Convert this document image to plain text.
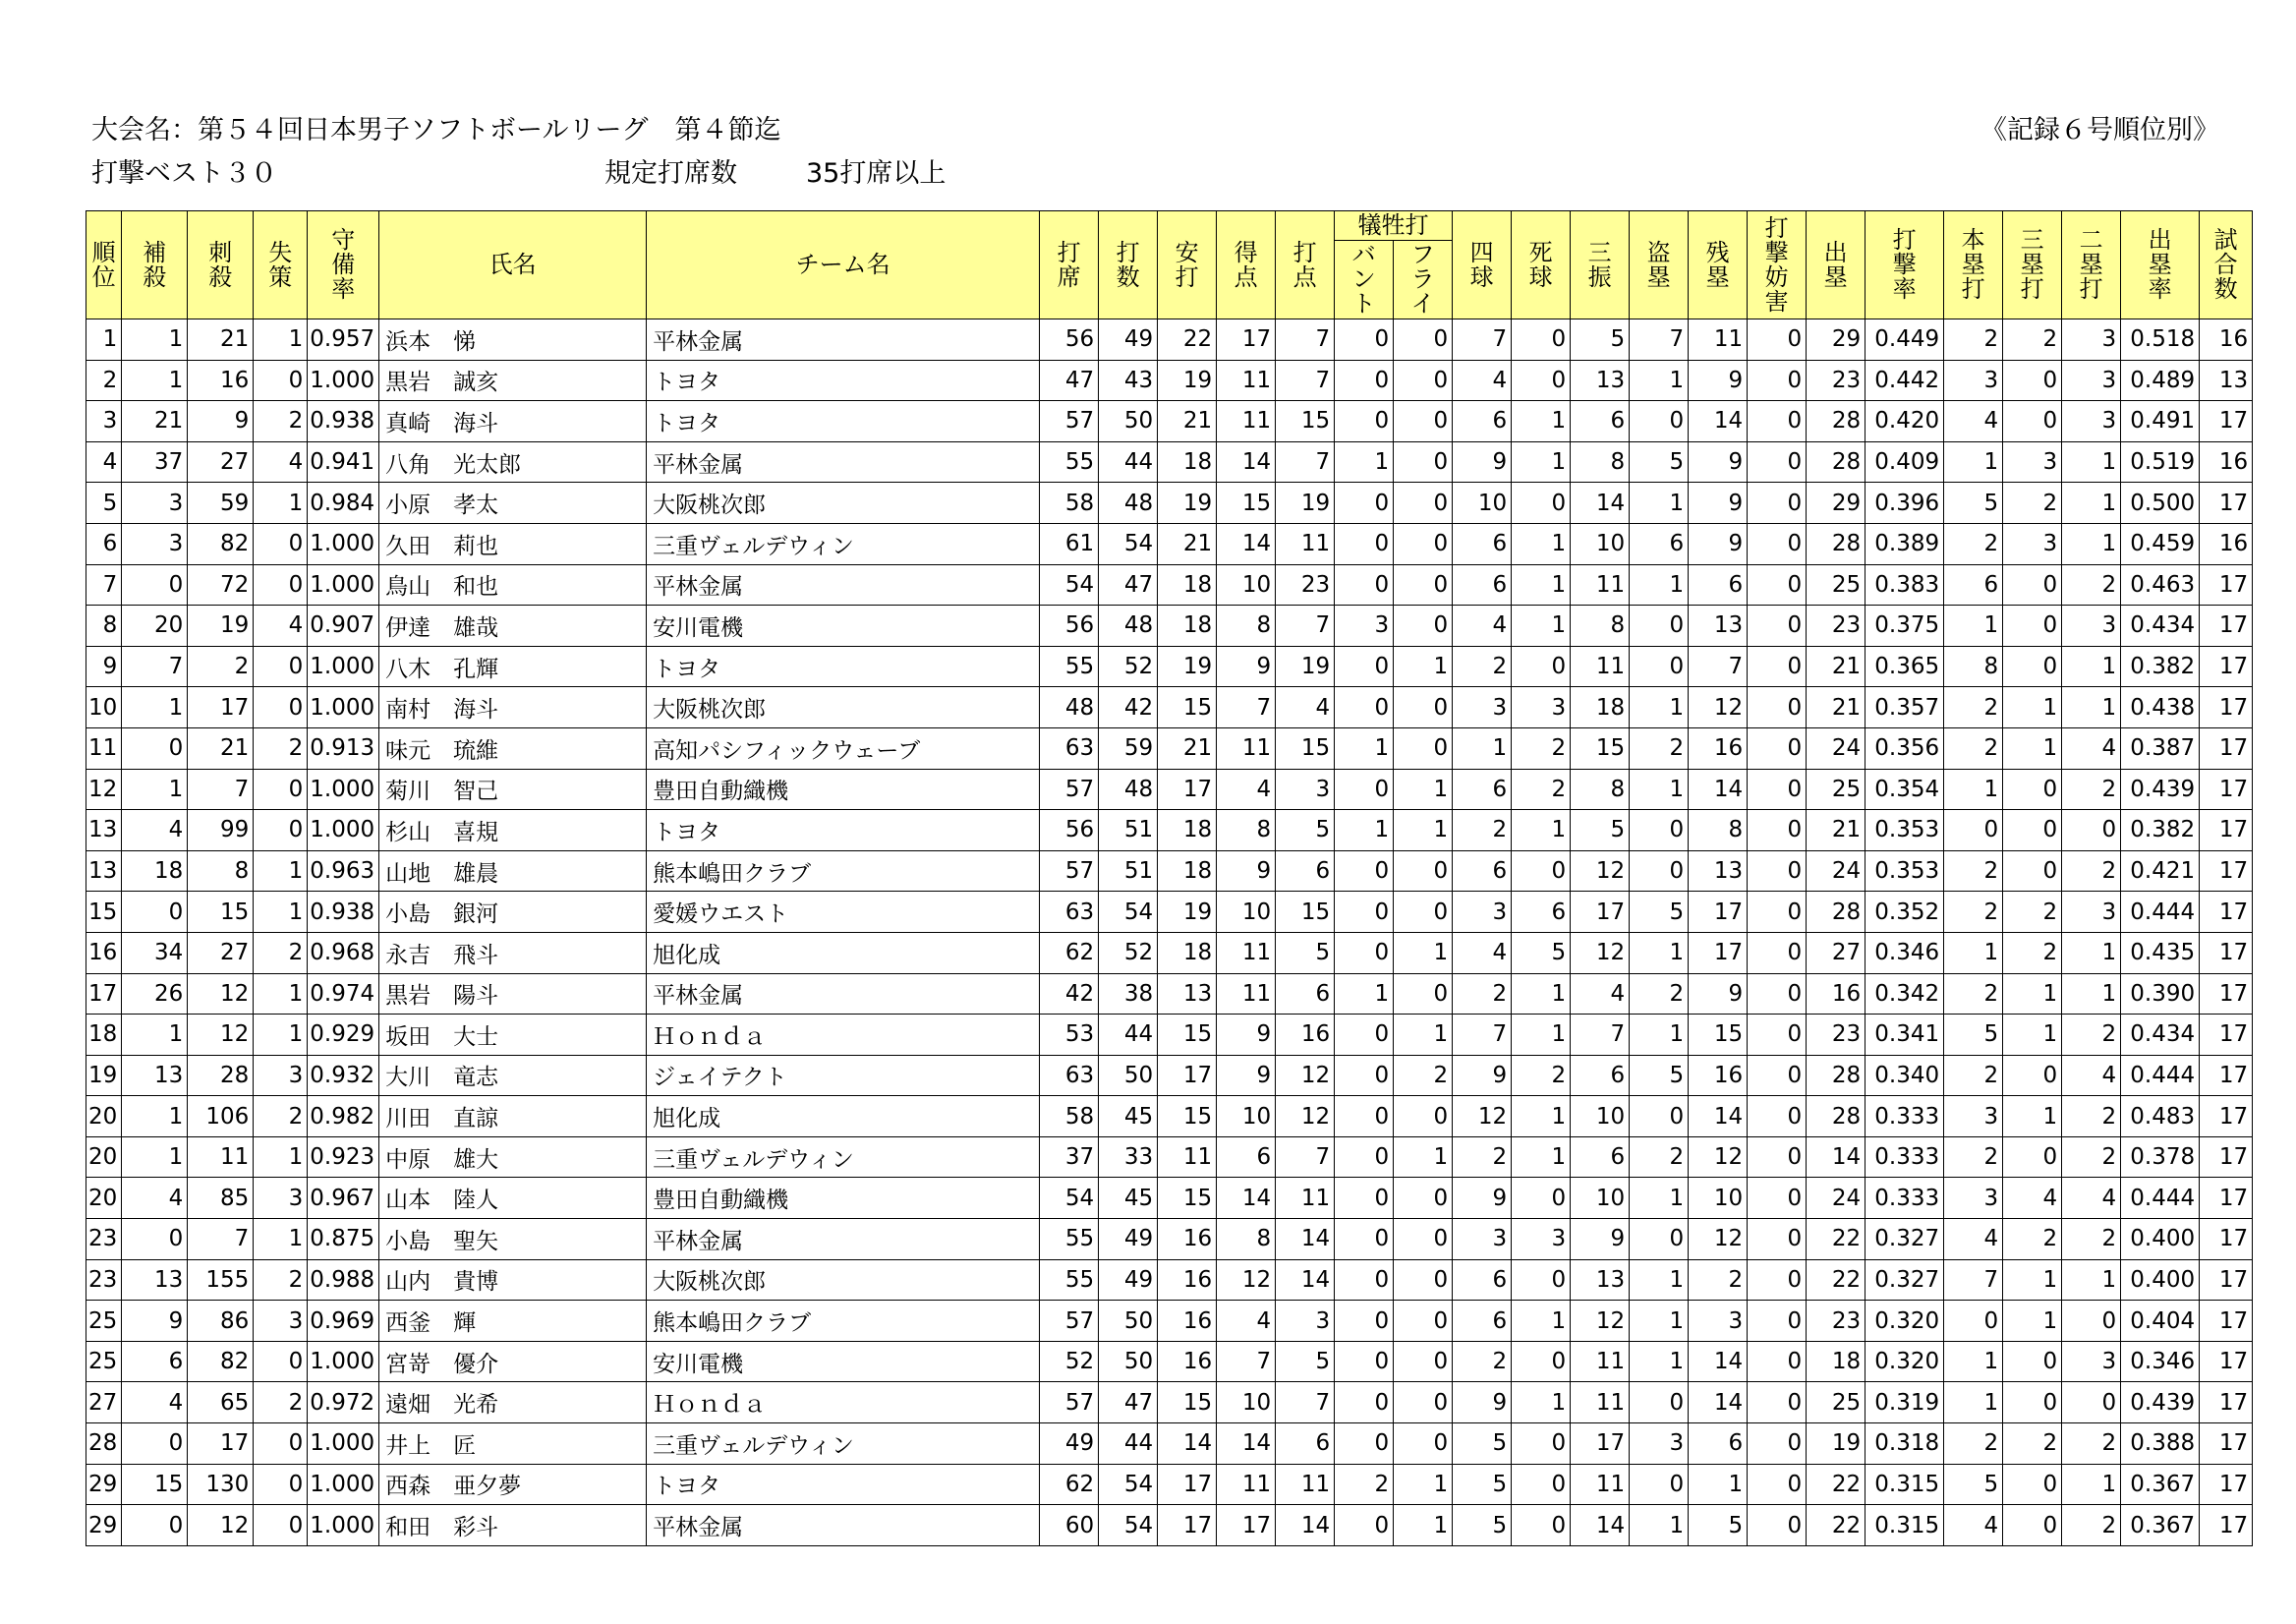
大会名：第５４回日本男子ソフトボールリーグ　第４節迄	《記録６号順位別》
打撃ベスト３０	規定打席数	35打席以上
順位	補殺	刺殺	失策	守備率	氏名	チーム名	打席	打数	安打	得点	打点	犠牲打		四球	死球	三振	盗塁	残塁	打撃妨害	出塁	打撃率	本塁打	三塁打	二塁打	出塁率	試合数
												バント	フライ													
1	1	21	1	0.957	浜本　悌	平林金属	56	49	22	17	7	0	0	7	0	5	7	11	0	29	0.449	2	2	3	0.518	16
2	1	16	0	1.000	黒岩　誠亥	トヨタ	47	43	19	11	7	0	0	4	0	13	1	9	0	23	0.442	3	0	3	0.489	13
3	21	9	2	0.938	真崎　海斗	トヨタ	57	50	21	11	15	0	0	6	1	6	0	14	0	28	0.420	4	0	3	0.491	17
4	37	27	4	0.941	八角　光太郎	平林金属	55	44	18	14	7	1	0	9	1	8	5	9	0	28	0.409	1	3	1	0.519	16
5	3	59	1	0.984	小原　孝太	大阪桃次郎	58	48	19	15	19	0	0	10	0	14	1	9	0	29	0.396	5	2	1	0.500	17
6	3	82	0	1.000	久田　莉也	三重ヴェルデウィン	61	54	21	14	11	0	0	6	1	10	6	9	0	28	0.389	2	3	1	0.459	16
7	0	72	0	1.000	鳥山　和也	平林金属	54	47	18	10	23	0	0	6	1	11	1	6	0	25	0.383	6	0	2	0.463	17
8	20	19	4	0.907	伊達　雄哉	安川電機	56	48	18	8	7	3	0	4	1	8	0	13	0	23	0.375	1	0	3	0.434	17
9	7	2	0	1.000	八木　孔輝	トヨタ	55	52	19	9	19	0	1	2	0	11	0	7	0	21	0.365	8	0	1	0.382	17
10	1	17	0	1.000	南村　海斗	大阪桃次郎	48	42	15	7	4	0	0	3	3	18	1	12	0	21	0.357	2	1	1	0.438	17
11	0	21	2	0.913	味元　琉維	高知パシフィックウェーブ	63	59	21	11	15	1	0	1	2	15	2	16	0	24	0.356	2	1	4	0.387	17
12	1	7	0	1.000	菊川　智己	豊田自動織機	57	48	17	4	3	0	1	6	2	8	1	14	0	25	0.354	1	0	2	0.439	17
13	4	99	0	1.000	杉山　喜規	トヨタ	56	51	18	8	5	1	1	2	1	5	0	8	0	21	0.353	0	0	0	0.382	17
13	18	8	1	0.963	山地　雄晨	熊本嶋田クラブ	57	51	18	9	6	0	0	6	0	12	0	13	0	24	0.353	2	0	2	0.421	17
15	0	15	1	0.938	小島　銀河	愛媛ウエスト	63	54	19	10	15	0	0	3	6	17	5	17	0	28	0.352	2	2	3	0.444	17
16	34	27	2	0.968	永吉　飛斗	旭化成	62	52	18	11	5	0	1	4	5	12	1	17	0	27	0.346	1	2	1	0.435	17
17	26	12	1	0.974	黒岩　陽斗	平林金属	42	38	13	11	6	1	0	2	1	4	2	9	0	16	0.342	2	1	1	0.390	17
18	1	12	1	0.929	坂田　大士	Ｈｏｎｄａ	53	44	15	9	16	0	1	7	1	7	1	15	0	23	0.341	5	1	2	0.434	17
19	13	28	3	0.932	大川　竜志	ジェイテクト	63	50	17	9	12	0	2	9	2	6	5	16	0	28	0.340	2	0	4	0.444	17
20	1	106	2	0.982	川田　直諒	旭化成	58	45	15	10	12	0	0	12	1	10	0	14	0	28	0.333	3	1	2	0.483	17
20	1	11	1	0.923	中原　雄大	三重ヴェルデウィン	37	33	11	6	7	0	1	2	1	6	2	12	0	14	0.333	2	0	2	0.378	17
20	4	85	3	0.967	山本　陸人	豊田自動織機	54	45	15	14	11	0	0	9	0	10	1	10	0	24	0.333	3	4	4	0.444	17
23	0	7	1	0.875	小島　聖矢	平林金属	55	49	16	8	14	0	0	3	3	9	0	12	0	22	0.327	4	2	2	0.400	17
23	13	155	2	0.988	山内　貴博	大阪桃次郎	55	49	16	12	14	0	0	6	0	13	1	2	0	22	0.327	7	1	1	0.400	17
25	9	86	3	0.969	西釜　輝	熊本嶋田クラブ	57	50	16	4	3	0	0	6	1	12	1	3	0	23	0.320	0	1	0	0.404	17
25	6	82	0	1.000	宮嵜　優介	安川電機	52	50	16	7	5	0	0	2	0	11	1	14	0	18	0.320	1	0	3	0.346	17
27	4	65	2	0.972	遠畑　光希	Ｈｏｎｄａ	57	47	15	10	7	0	0	9	1	11	0	14	0	25	0.319	1	0	0	0.439	17
28	0	17	0	1.000	井上　匠	三重ヴェルデウィン	49	44	14	14	6	0	0	5	0	17	3	6	0	19	0.318	2	2	2	0.388	17
29	15	130	0	1.000	西森　亜夕夢	トヨタ	62	54	17	11	11	2	1	5	0	11	0	1	0	22	0.315	5	0	1	0.367	17
29	0	12	0	1.000	和田　彩斗	平林金属	60	54	17	17	14	0	1	5	0	14	1	5	0	22	0.315	4	0	2	0.367	17
